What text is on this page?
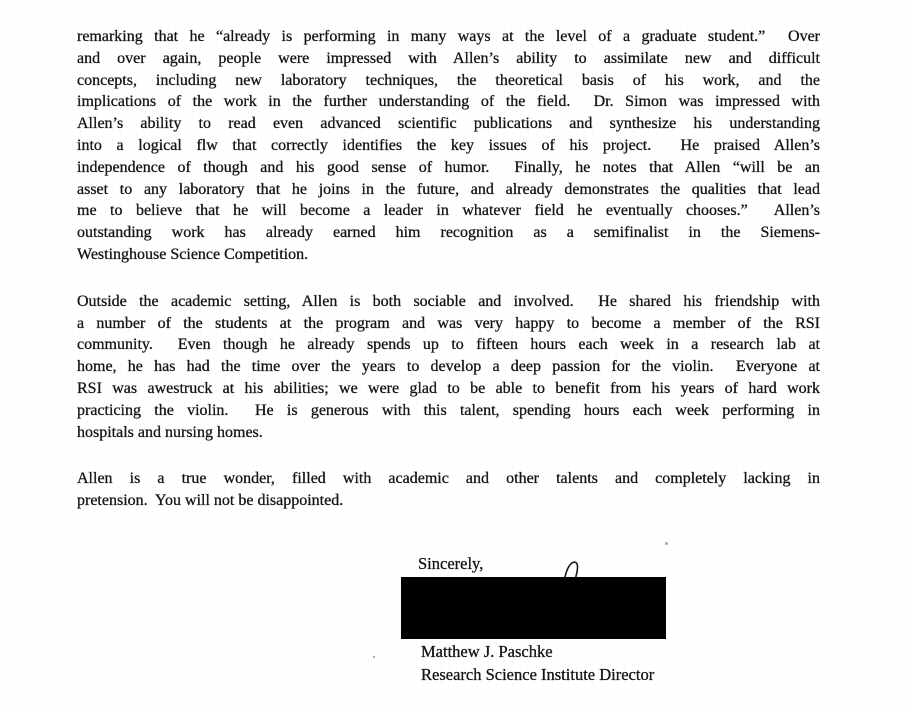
remarking that he “already is performing in many ways at the level of a graduate student.”  Over
and over again, people were impressed with Allen’s ability to assimilate new and difficult
concepts, including new laboratory techniques, the theoretical basis of his work, and the
implications of the work in the further understanding of the field.  Dr. Simon was impressed with
Allen’s ability to read even advanced scientific publications and synthesize his understanding
into a logical flw that correctly identifies the key issues of his project.  He praised Allen’s
independence of though and his good sense of humor.  Finally, he notes that Allen “will be an
asset to any laboratory that he joins in the future, and already demonstrates the qualities that lead
me to believe that he will become a leader in whatever field he eventually chooses.”  Allen’s
outstanding work has already earned him recognition as a semifinalist in the Siemens-
Westinghouse Science Competition.
Outside the academic setting, Allen is both sociable and involved.  He shared his friendship with
a number of the students at the program and was very happy to become a member of the RSI
community.  Even though he already spends up to fifteen hours each week in a research lab at
home, he has had the time over the years to develop a deep passion for the violin.  Everyone at
RSI was awestruck at his abilities; we were glad to be able to benefit from his years of hard work
practicing the violin.  He is generous with this talent, spending hours each week performing in
hospitals and nursing homes.
Allen is a true wonder, filled with academic and other talents and completely lacking in
pretension.  You will not be disappointed.
Sincerely,
Matthew J. Paschke
Research Science Institute Director
